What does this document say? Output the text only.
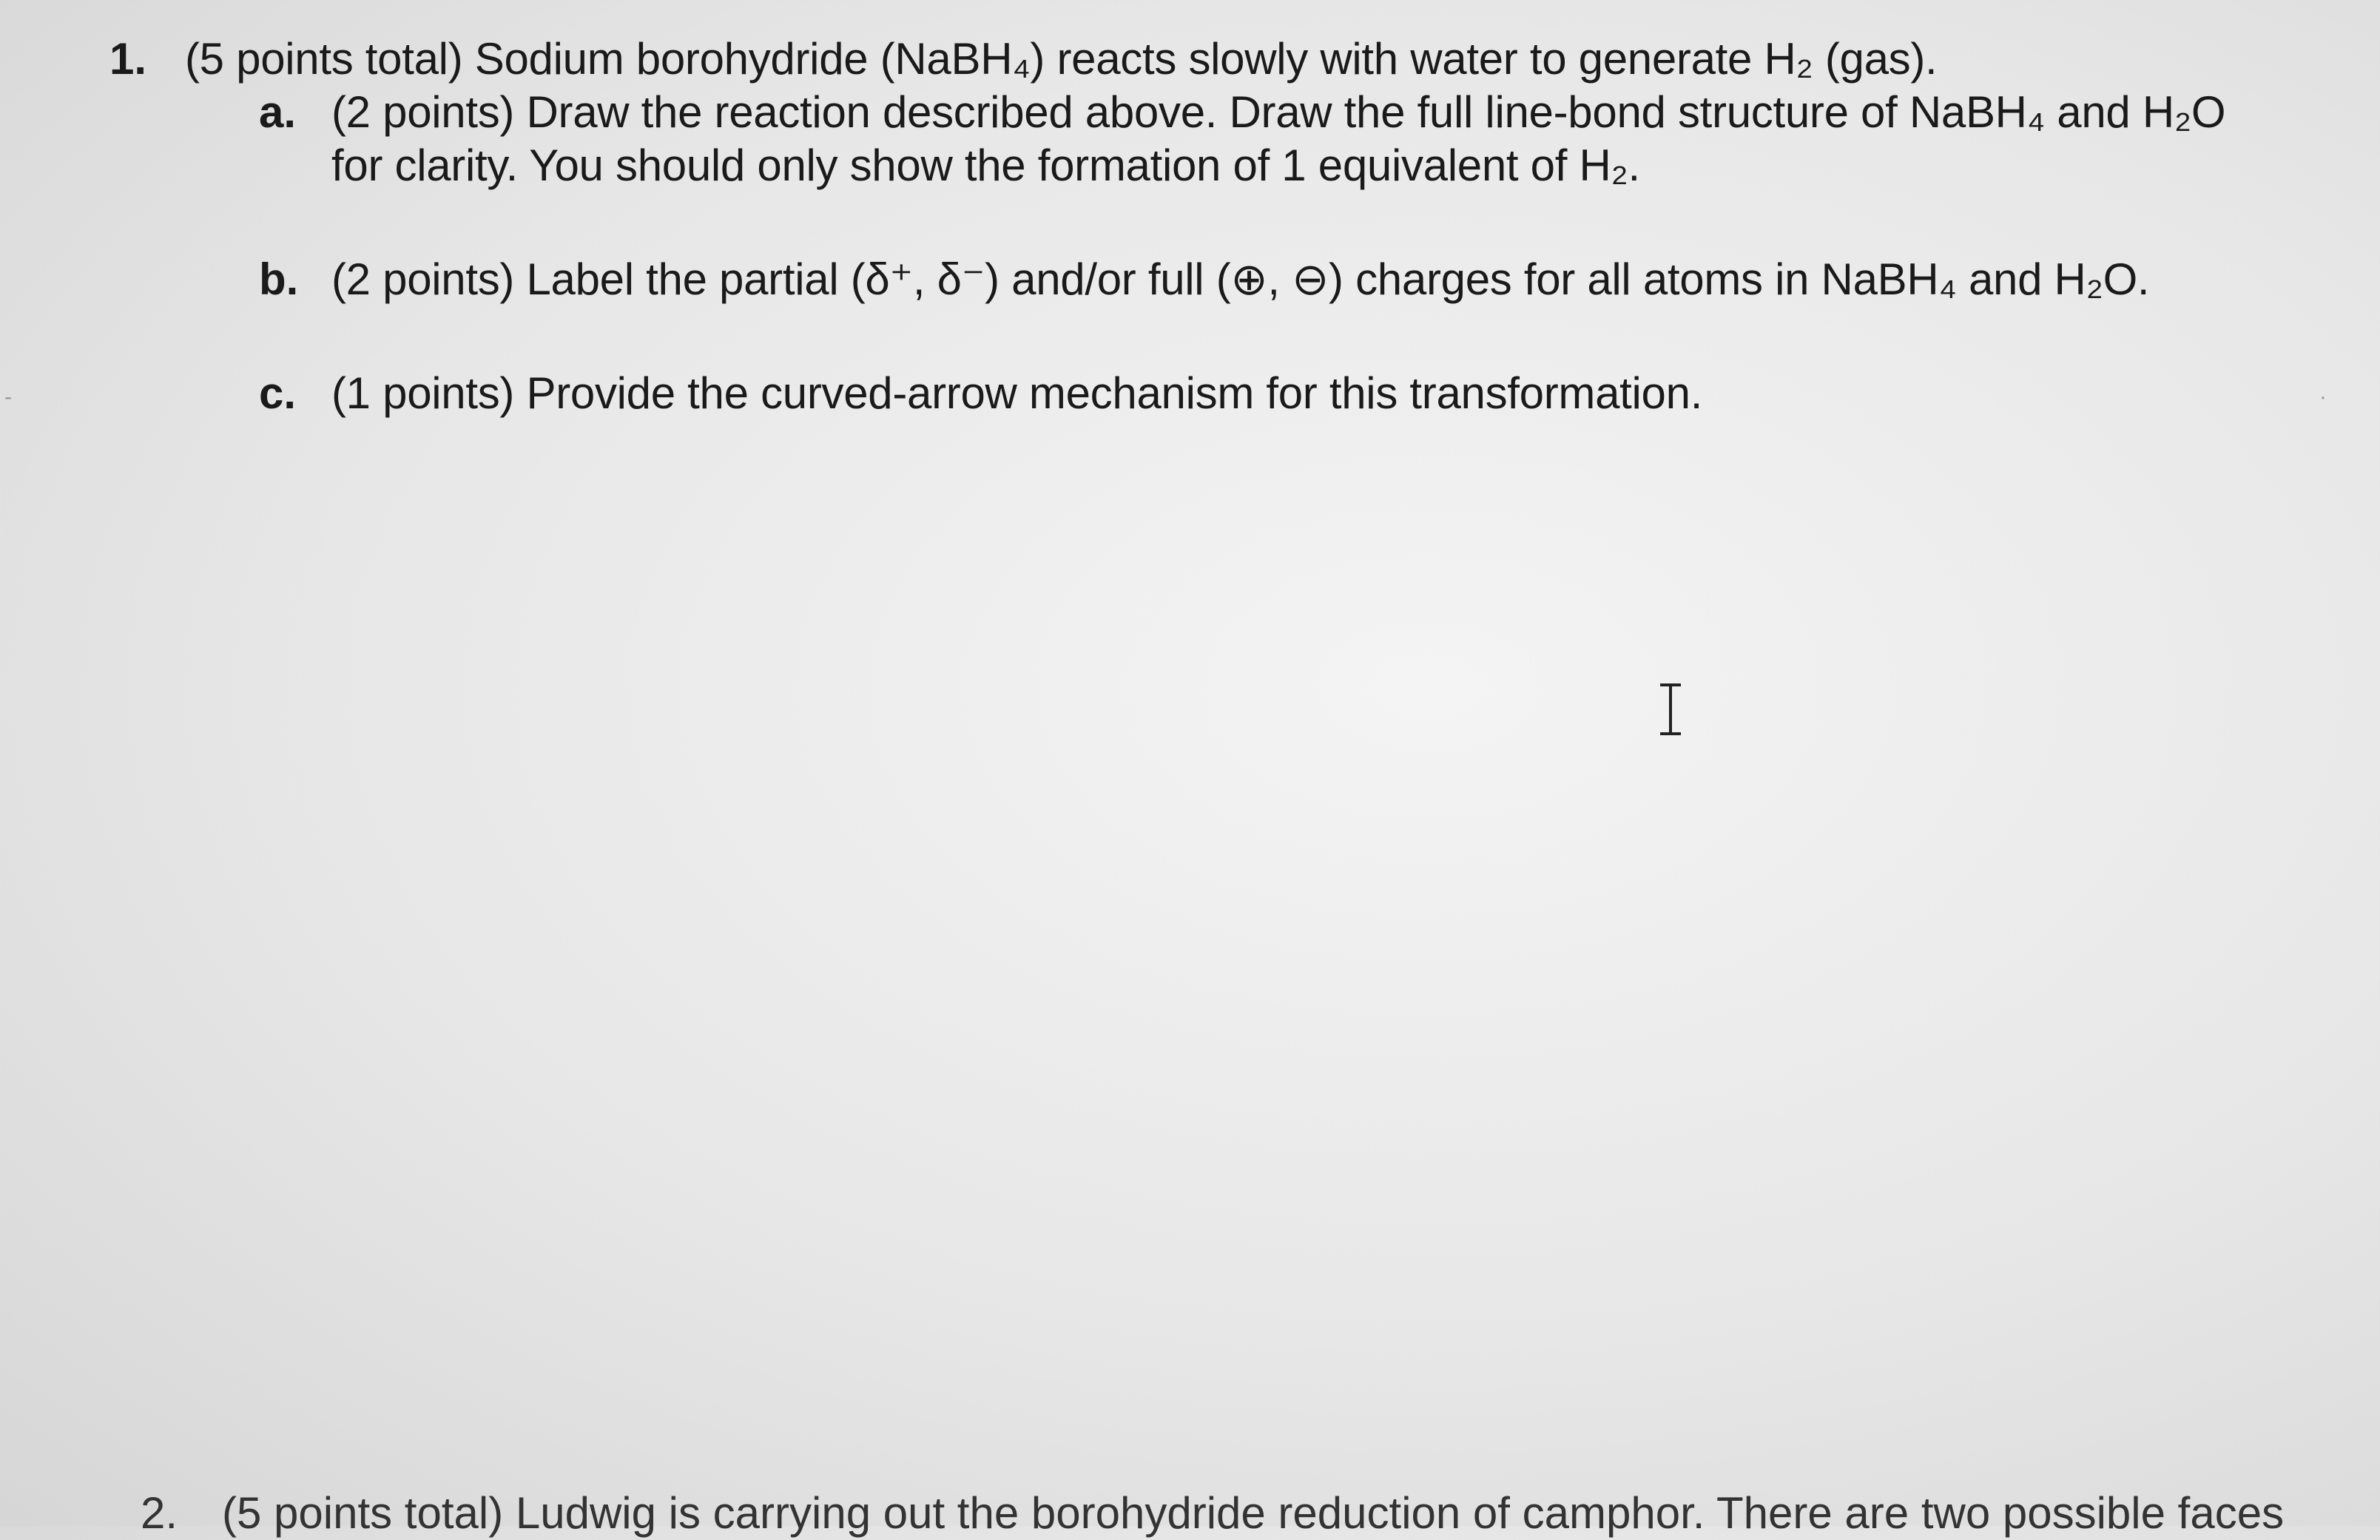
1. (5 points total) Sodium borohydride (NaBH₄) reacts slowly with water to generate H₂ (gas).
a. (2 points) Draw the reaction described above. Draw the full line-bond structure of NaBH₄ and H₂O
for clarity. You should only show the formation of 1 equivalent of H₂.
b. (2 points) Label the partial (δ⁺, δ⁻) and/or full (⊕, ⊖) charges for all atoms in NaBH₄ and H₂O.
c. (1 points) Provide the curved-arrow mechanism for this transformation.
-	·
2. (5 points total) Ludwig is carrying out the borohydride reduction of camphor. There are two possible faces
